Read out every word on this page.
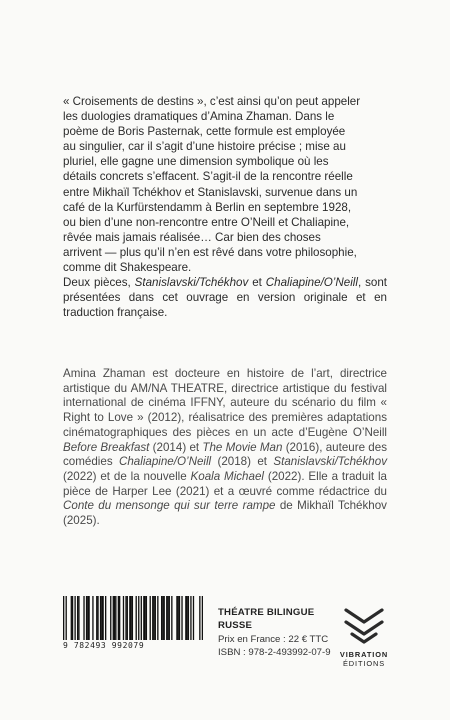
« Croisements de destins », c’est ainsi qu’on peut appeler
les duologies dramatiques d’Amina Zhaman. Dans le
poème de Boris Pasternak, cette formule est employée
au singulier, car il s’agit d’une histoire précise ; mise au
pluriel, elle gagne une dimension symbolique où les
détails concrets s’effacent. S’agit-il de la rencontre réelle
entre Mikhaïl Tchékhov et Stanislavski, survenue dans un
café de la Kurfürstendamm à Berlin en septembre 1928,
ou bien d’une non-rencontre entre O’Neill et Chaliapine,
rêvée mais jamais réalisée… Car bien des choses
arrivent — plus qu’il n’en est rêvé dans votre philosophie,
comme dit Shakespeare.
Deux pièces, Stanislavski/Tchékhov et Chaliapine/O’Neill, sont présentées dans cet ouvrage en version originale et en traduction française.

Amina Zhaman est docteure en histoire de l’art, directrice artistique du AM/NA THEATRE, directrice artistique du festival international de cinéma IFFNY, auteure du scénario du film « Right to Love » (2012), réalisatrice des premières adaptations cinématographiques des pièces en un acte d’Eugène O’Neill Before Breakfast (2014) et The Movie Man (2016), auteure des comédies Chaliapine/O’Neill (2018) et Stanislavski/Tchékhov (2022) et de la nouvelle Koala Michael (2022). Elle a traduit la pièce de Harper Lee (2021) et a œuvré comme rédactrice du Conte du mensonge qui sur terre rampe de Mikhaïl Tchékhov (2025).

9 782493 992079
THÉATRE BILINGUE RUSSE
Prix en France : 22 € TTC
ISBN : 978-2-493992-07-9	VIBRATION
ÉDITIONS
